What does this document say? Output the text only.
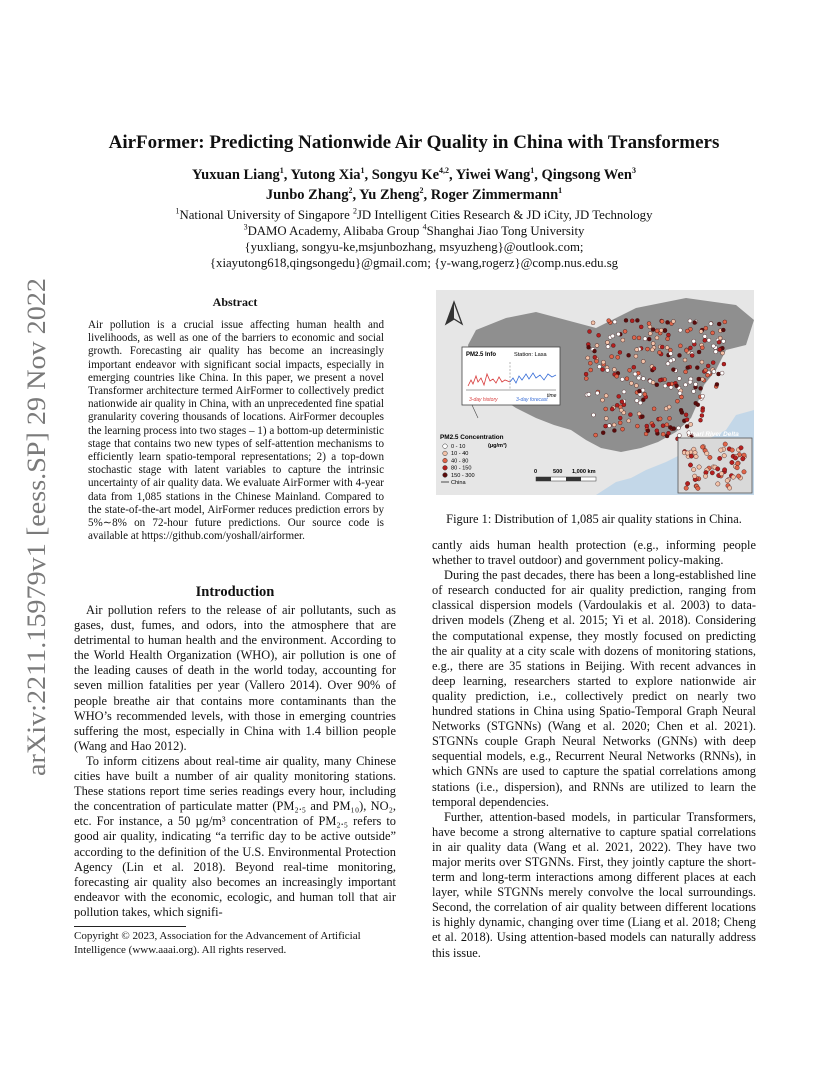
arXiv:2211.15979v1 [eess.SP] 29 Nov 2022
AirFormer: Predicting Nationwide Air Quality in China with Transformers
Yuxuan Liang$^1$, Yutong Xia$^1$, Songyu Ke$^{4,2}$, Yiwei Wang$^1$, Qingsong Wen$^3$
Junbo Zhang$^2$, Yu Zheng$^2$, Roger Zimmermann$^1$
$^1$National University of Singapore $^2$JD Intelligent Cities Research & JD iCity, JD Technology
$^3$DAMO Academy, Alibaba Group $^4$Shanghai Jiao Tong University
{yuxliang, songyu-ke,msjunbozhang, msyuzheng}@outlook.com;
{xiayutong618,qingsongedu}@gmail.com; {y-wang,rogerz}@comp.nus.edu.sg
Abstract
Air pollution is a crucial issue affecting human health and livelihoods, as well as one of the barriers to economic and social growth. Forecasting air quality has become an increasingly important endeavor with significant social impacts, especially in emerging countries like China. In this paper, we present a novel Transformer architecture termed AirFormer to collectively predict nationwide air quality in China, with an unprecedented fine spatial granularity covering thousands of locations. AirFormer decouples the learning process into two stages – 1) a bottom-up deterministic stage that contains two new types of self-attention mechanisms to efficiently learn spatio-temporal representations; 2) a top-down stochastic stage with latent variables to capture the intrinsic uncertainty of air quality data. We evaluate AirFormer with 4-year data from 1,085 stations in the Chinese Mainland. Compared to the state-of-the-art model, AirFormer reduces prediction errors by 5%∼8% on 72-hour future predictions. Our source code is available at https://github.com/yoshall/airformer.
Introduction

Air pollution refers to the release of air pollutants, such as gases, dust, fumes, and odors, into the atmosphere that are detrimental to human health and the environment. According to the World Health Organization (WHO), air pollution is one of the leading causes of death in the world today, accounting for seven million fatalities per year (Vallero 2014). Over 90% of people breathe air that contains more contaminants than the WHO’s recommended levels, with those in emerging countries suffering the most, especially in China with 1.4 billion people (Wang and Hao 2012).

To inform citizens about real-time air quality, many Chinese cities have built a number of air quality monitoring stations. These stations report time series readings every hour, including the concentration of particulate matter (PM₂.₅ and PM₁₀), NO₂, etc. For instance, a 50 µg/m³ concentration of PM₂.₅ refers to good air quality, indicating “a terrific day to be active outside” according to the definition of the U.S. Environmental Protection Agency (Lin et al. 2018). Beyond real-time monitoring, forecasting air quality also becomes an increasingly important endeavor with the economic, ecologic, and human toll that air pollution takes, which signifi-

Copyright © 2023, Association for the Advancement of Artificial Intelligence (www.aaai.org). All rights reserved.
PM2.5 Info	Station: Lasa
time
3-day history	3-day forecast
Pearl River Delta
PM2.5 Concentration
(µg/m³)
0 - 10
10 - 40
40 - 80
80 - 150
150 - 300
China
0	500 1,000 km
Figure 1: Distribution of 1,085 air quality stations in China.

cantly aids human health protection (e.g., informing people whether to travel outdoor) and government policy-making.

During the past decades, there has been a long-established line of research conducted for air quality prediction, ranging from classical dispersion models (Vardoulakis et al. 2003) to data-driven models (Zheng et al. 2015; Yi et al. 2018). Considering the computational expense, they mostly focused on predicting the air quality at a city scale with dozens of monitoring stations, e.g., there are 35 stations in Beijing. With recent advances in deep learning, researchers started to explore nationwide air quality prediction, i.e., collectively predict on nearly two hundred stations in China using Spatio-Temporal Graph Neural Networks (STGNNs) (Wang et al. 2020; Chen et al. 2021). STGNNs couple Graph Neural Networks (GNNs) with deep sequential models, e.g., Recurrent Neural Networks (RNNs), in which GNNs are used to capture the spatial correlations among stations (i.e., dispersion), and RNNs are utilized to learn the temporal dependencies.

Further, attention-based models, in particular Transformers, have become a strong alternative to capture spatial correlations in air quality data (Wang et al. 2021, 2022). They have two major merits over STGNNs. First, they jointly capture the short-term and long-term interactions among different places at each layer, while STGNNs merely convolve the local surroundings. Second, the correlation of air quality between different locations is highly dynamic, changing over time (Liang et al. 2018; Cheng et al. 2018). Using attention-based models can naturally address this issue.
